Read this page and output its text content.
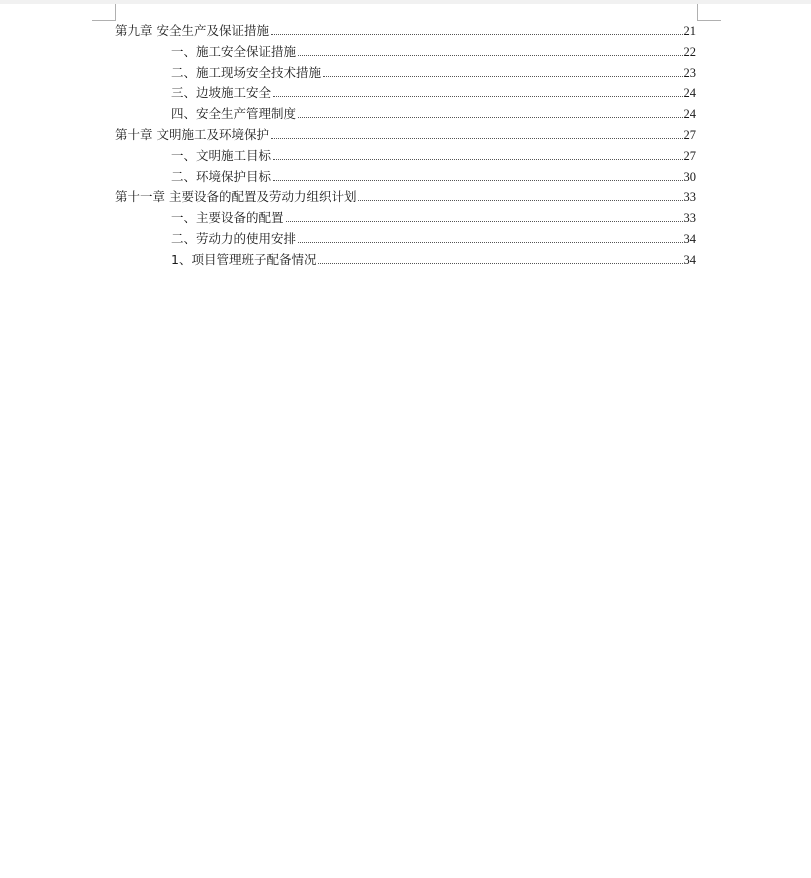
第九章 安全生产及保证措施	21
一、施工安全保证措施	22
二、施工现场安全技术措施	23
三、边坡施工安全	24
四、安全生产管理制度	24
第十章 文明施工及环境保护	27
一、文明施工目标	27
二、环境保护目标	30
第十一章 主要设备的配置及劳动力组织计划	33
一、主要设备的配置	33
二、劳动力的使用安排	34
1、项目管理班子配备情况	34
